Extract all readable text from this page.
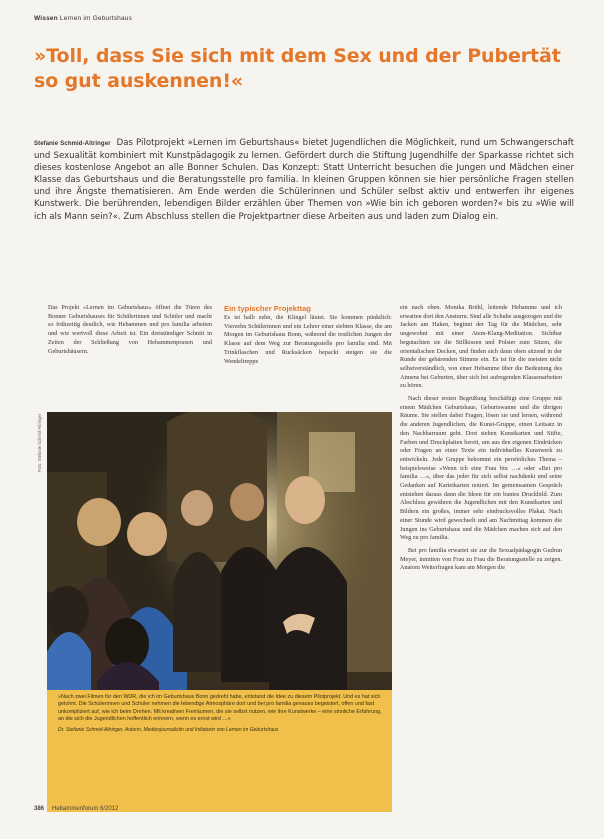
Wissen Lernen im Geburtshaus
»Toll, dass Sie sich mit dem Sex und der Pubertät so gut auskennen!«
Stefanie Schmid-Altringer Das Pilotprojekt »Lernen im Geburtshaus« bietet Jugendlichen die Möglichkeit, rund um Schwangerschaft und Sexualität kombiniert mit Kunstpädagogik zu lernen. Gefördert durch die Stiftung Jugendhilfe der Sparkasse richtet sich dieses kostenlose Angebot an alle Bonner Schulen. Das Konzept: Statt Unterricht besuchen die Jungen und Mädchen einer Klasse das Geburtshaus und die Beratungsstelle pro familia. In kleinen Gruppen können sie hier persönliche Fragen stellen und ihre Ängste thematisieren. Am Ende werden die Schülerinnen und Schüler selbst aktiv und entwerfen ihr eigenes Kunstwerk. Die berührenden, lebendigen Bilder erzählen über Themen von »Wie bin ich geboren worden?« bis zu »Wie will ich als Mann sein?«. Zum Abschluss stellen die Projektpartner diese Arbeiten aus und laden zum Dialog ein.

Das Projekt »Lernen im Geburtshaus« öffnet die Türen des Bonner Geburtshauses für Schülerinnen und Schüler und macht so frühzeitig deutlich, wie Hebammen und pro familia arbeiten und wie wertvoll diese Arbeit ist. Ein dreistündiger Schnitt in Zeiten der Schließung von Hebammenpraxen und Geburtshäusern.

Ein typischer Projekttag

Es ist halb zehn, die Klingel läutet. Sie kommen pünktlich: Vierzehn Schülerinnen und ein Lehrer einer siebten Klasse, die am Morgen im Geburtshaus Bonn, während die restlichen Jungen der Klasse auf dem Weg zur Beratungsstelle pro familia sind. Mit Trinkflaschen und Rucksäcken bepackt steigen sie die Wendeltreppe

ein nach oben. Monika Brühl, leitende Hebamme und ich erwarten dort den Ansturm. Sind alle Schuhe ausgezogen und die Jacken am Haken, beginnt der Tag für die Mädchen, sehr ungewohnt mit einer Atem-Klang-Meditation. Sichtbar begutachten sie die Stillkissen und Polster zum Sitzen, die orientalischen Decken, und finden sich dann oben sitzend in der Runde der gebärenden Stimme ein. Es ist für die meisten nicht selbstverständlich, von einer Hebamme über die Bedeutung des Atmens bei Geburten, über sich bei aufregenden Klassenarbeiten zu hören.

Nach dieser ersten Begrüßung beschäftigt eine Gruppe mit einem Mädchen Geburtshaus, Geburtswanne und die übrigen Räume. Sie stellen dabei Fragen, lösen sie und lernen, während die anderen Jugendlichen, die Kunst-Gruppe, einen Leitsatz in den Nachbarraum geht. Dort stehen Kunstkarten und Stifte, Farben und Druckplatten bereit, um aus den eigenen Eindrücken oder Fragen an einer Texte ein individuelles Kunstwerk zu entwickeln. Jede Gruppe bekommt ein persönliches Thema – beispielsweise »Wenn ich eine Frau bin …« oder »Bei pro familia …«, über das jeder für sich selbst nachdenkt und seine Gedanken auf Karteikarten notiert. Im gemeinsamen Gespräch entstehen daraus dann die Ideen für ein buntes Druckbild. Zum Abschluss gewähren die Jugendlichen mit den Kunstkarten und Bildern ein großes, immer sehr eindrucksvolles Plakat. Nach einer Stunde wird gewechselt und am Nachmittag kommen die Jungen ins Geburtshaus und die Mädchen machen sich auf den Weg zu pro familia.

Bei pro familia erwartet sie zur die Sexualpädagogin Gudrun Meyer, inmitten von Frau zu Frau die Beratungsstelle zu zeigen. Anatom Weiterfragen kam am Morgen die

Foto: Stefanie Schmid-Altringer

»Nach zwei Filmen für den WDR, die ich im Geburtshaus Bonn gedreht habe, entstand die Idee zu diesem Pilotprojekt. Und es hat sich gelohnt. Die Schülerinnen und Schüler nehmen die lebendige Atmosphäre dort und bei pro familia genauso begeistert, offen und fast unkompliziert auf, wie ich beim Drehen. Mit kreativen Freiräumen, die sie selbst nutzen, wie ihre Kunstwerke – eine sinnliche Erfahrung, an die sich die Jugendlichen hoffentlich erinnern, wenn es ernst wird …«

Dr. Stefanie Schmid-Altringer, Autorin, Medienjournalistin und Initiatorin von Lernen im Geburtshaus

386 Hebammenforum 6/2012
